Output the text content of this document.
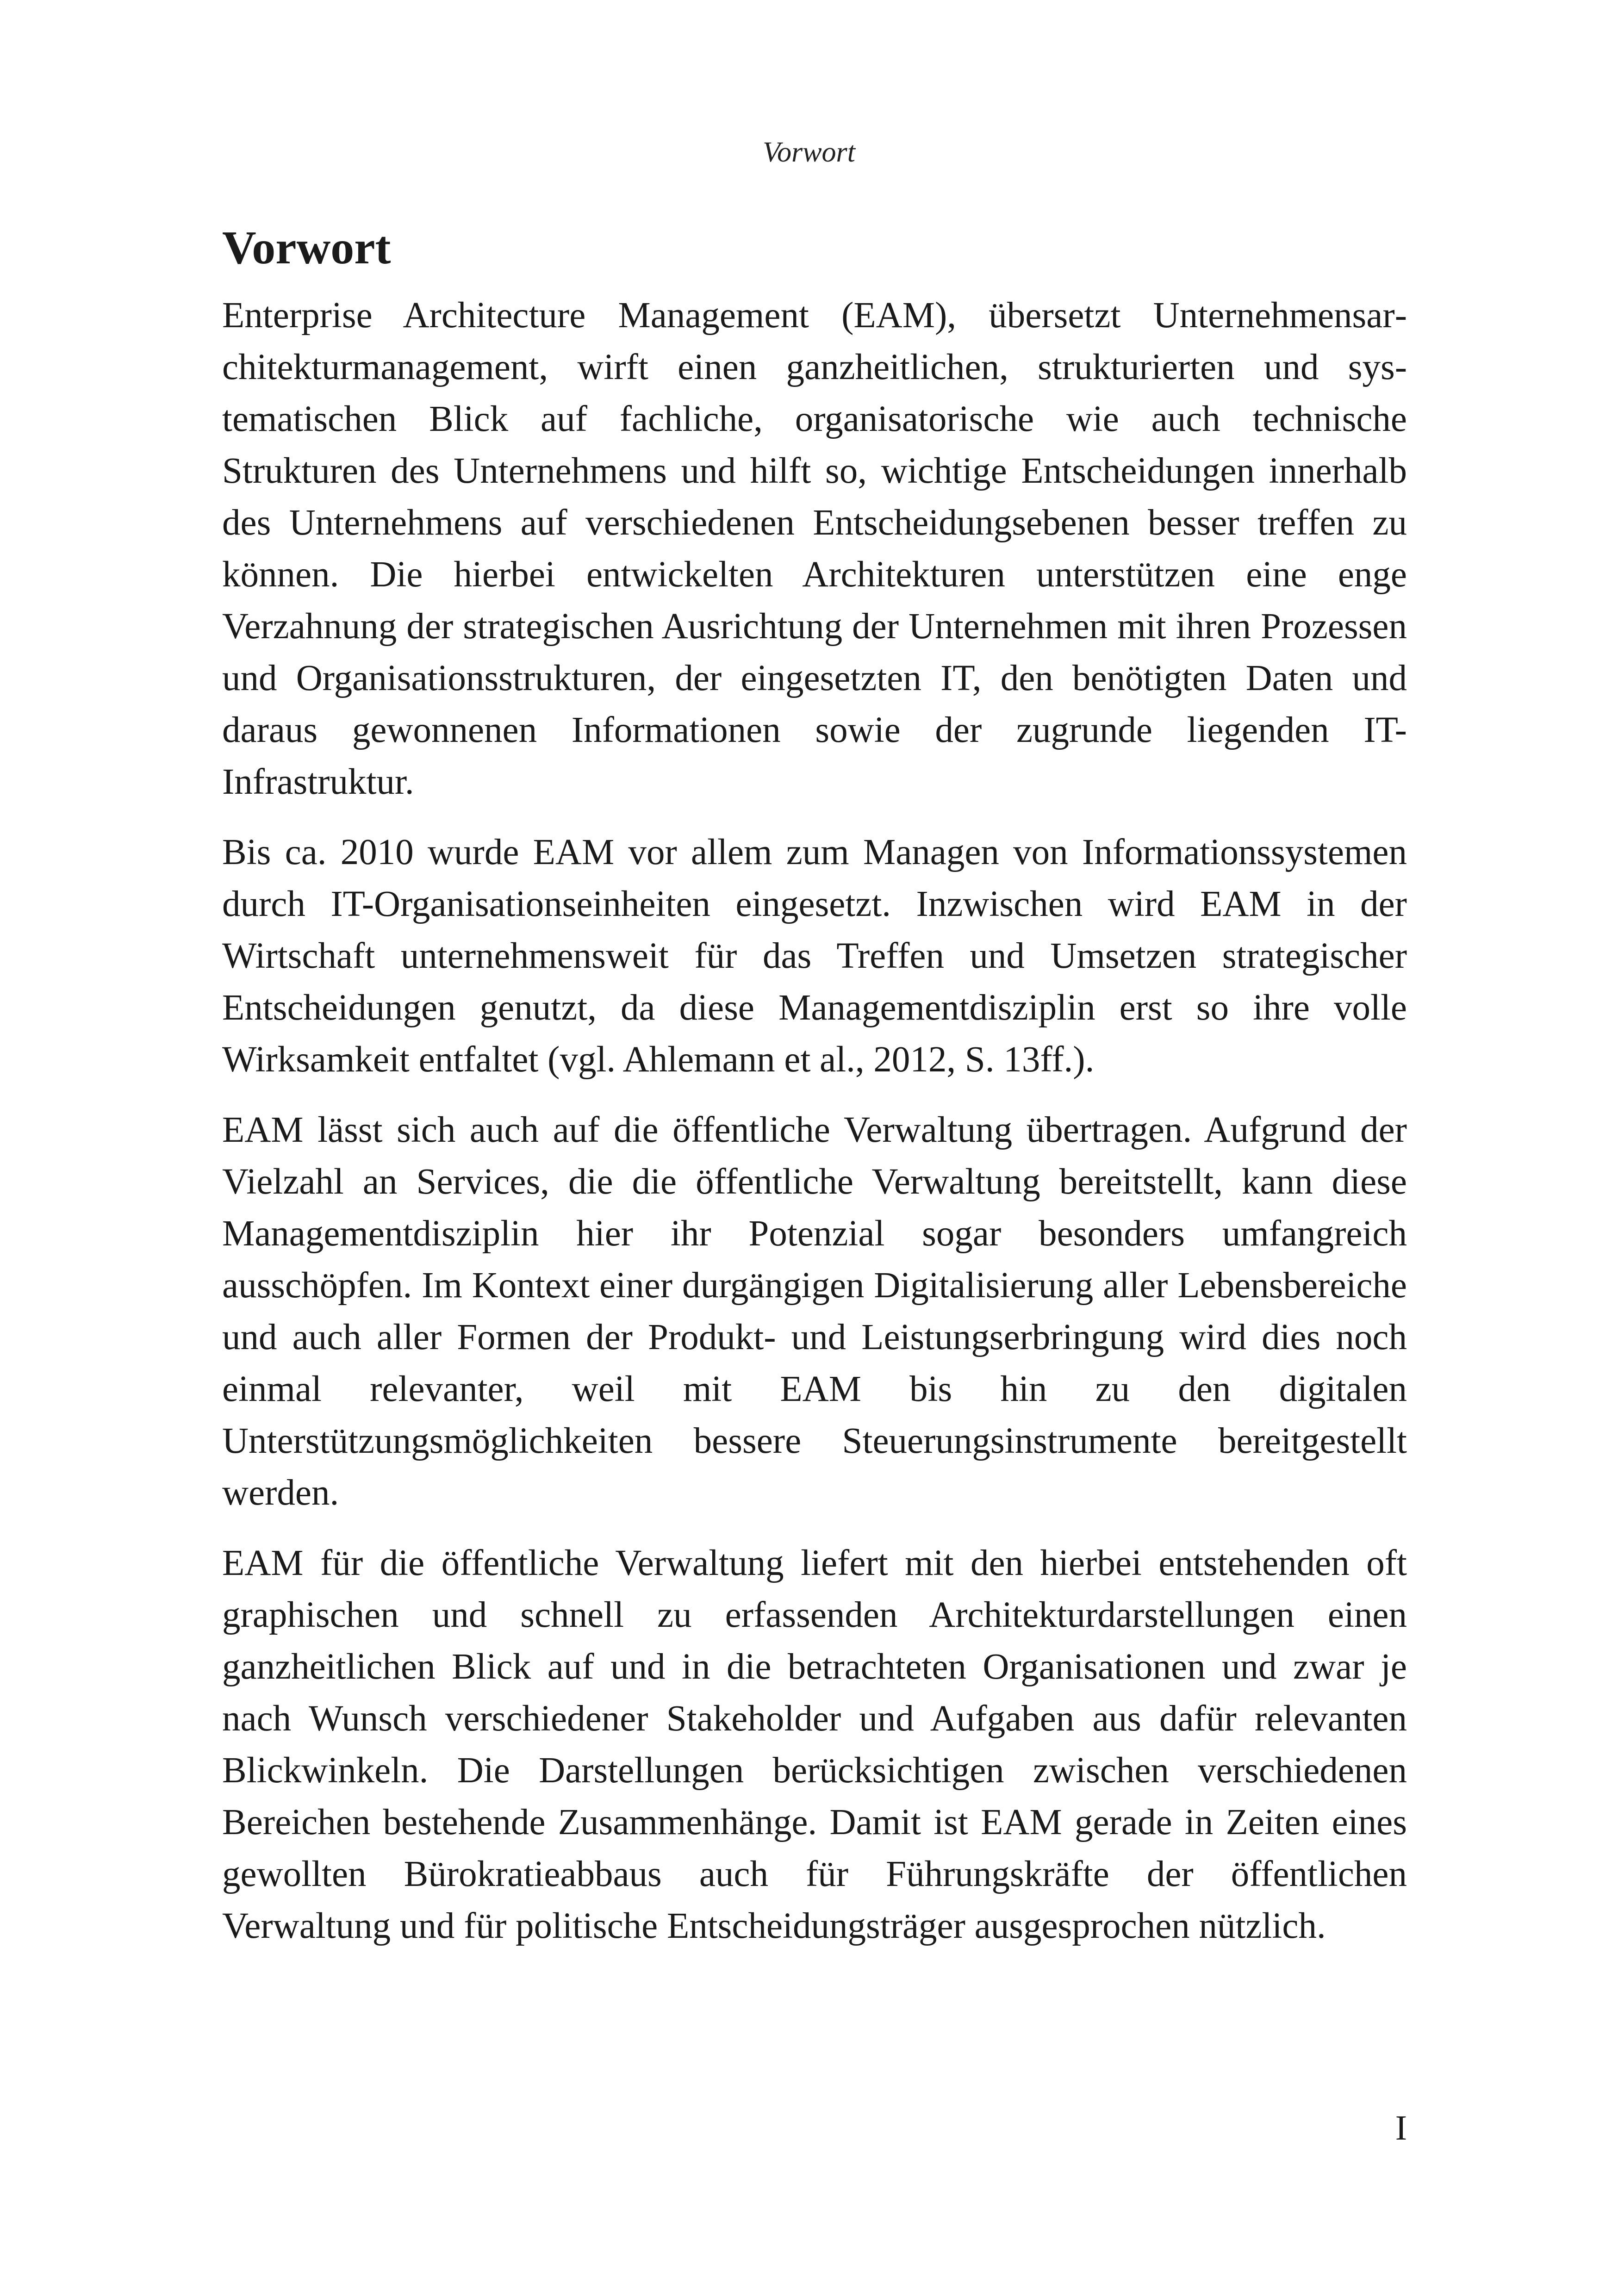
Vorwort
Vorwort

Enterprise Architecture Management (EAM), übersetzt Unternehmensarchitekturmanagement, wirft einen ganzheitlichen, strukturierten und systematischen Blick auf fachliche, organisatorische wie auch technische Strukturen des Unternehmens und hilft so, wichtige Entscheidungen innerhalb des Unternehmens auf verschiedenen Entscheidungsebenen besser treffen zu können. Die hierbei entwickelten Architekturen unterstützen eine enge Verzahnung der strategischen Ausrichtung der Unternehmen mit ihren Prozessen und Organisationsstrukturen, der eingesetzten IT, den benötigten Daten und daraus gewonnenen Informationen sowie der zugrunde liegenden IT-Infrastruktur.

Bis ca. 2010 wurde EAM vor allem zum Managen von Informationssystemen durch IT-Organisationseinheiten eingesetzt. Inzwischen wird EAM in der Wirtschaft unternehmensweit für das Treffen und Umsetzen strategischer Entscheidungen genutzt, da diese Managementdisziplin erst so ihre volle Wirksamkeit entfaltet (vgl. Ahlemann et al., 2012, S. 13ff.).

EAM lässt sich auch auf die öffentliche Verwaltung übertragen. Aufgrund der Vielzahl an Services, die die öffentliche Verwaltung bereitstellt, kann diese Managementdisziplin hier ihr Potenzial sogar besonders umfangreich ausschöpfen. Im Kontext einer durgängigen Digitalisierung aller Lebensbereiche und auch aller Formen der Produkt- und Leistungserbringung wird dies noch einmal relevanter, weil mit EAM bis hin zu den digitalen Unterstützungsmöglichkeiten bessere Steuerungsinstrumente bereitgestellt werden.

EAM für die öffentliche Verwaltung liefert mit den hierbei entstehenden oft graphischen und schnell zu erfassenden Architekturdarstellungen einen ganzheitlichen Blick auf und in die betrachteten Organisationen und zwar je nach Wunsch verschiedener Stakeholder und Aufgaben aus dafür relevanten Blickwinkeln. Die Darstellungen berücksichtigen zwischen verschiedenen Bereichen bestehende Zusammenhänge. Damit ist EAM gerade in Zeiten eines gewollten Bürokratieabbaus auch für Führungskräfte der öffentlichen Verwaltung und für politische Entscheidungsträger ausgesprochen nützlich.

I
